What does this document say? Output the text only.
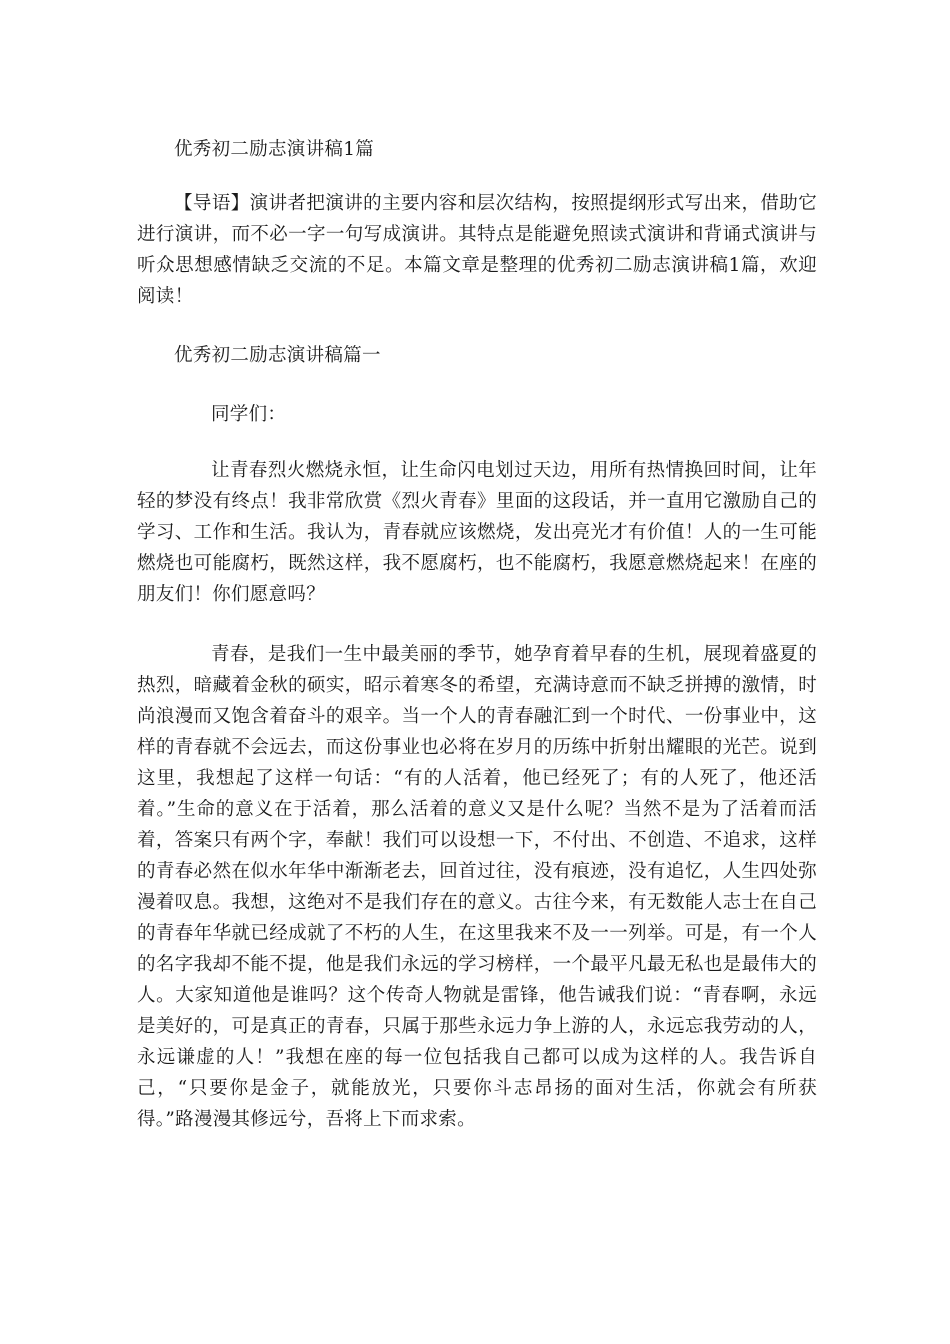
优秀初二励志演讲稿1篇

【导语】演讲者把演讲的主要内容和层次结构，按照提纲形式写出来，借助它进行演讲，而不必一字一句写成演讲。其特点是能避免照读式演讲和背诵式演讲与听众思想感情缺乏交流的不足。本篇文章是整理的优秀初二励志演讲稿1篇，欢迎阅读！

优秀初二励志演讲稿篇一

同学们：

让青春烈火燃烧永恒，让生命闪电划过天边，用所有热情换回时间，让年轻的梦没有终点！我非常欣赏《烈火青春》里面的这段话，并一直用它激励自己的学习、工作和生活。我认为，青春就应该燃烧，发出亮光才有价值！人的一生可能燃烧也可能腐朽，既然这样，我不愿腐朽，也不能腐朽，我愿意燃烧起来！在座的朋友们！你们愿意吗？

青春，是我们一生中最美丽的季节，她孕育着早春的生机，展现着盛夏的热烈，暗藏着金秋的硕实，昭示着寒冬的希望，充满诗意而不缺乏拼搏的激情，时尚浪漫而又饱含着奋斗的艰辛。当一个人的青春融汇到一个时代、一份事业中，这样的青春就不会远去，而这份事业也必将在岁月的历练中折射出耀眼的光芒。说到这里，我想起了这样一句话：“有的人活着，他已经死了；有的人死了，他还活着。”生命的意义在于活着，那么活着的意义又是什么呢？当然不是为了活着而活着，答案只有两个字，奉献！我们可以设想一下，不付出、不创造、不追求，这样的青春必然在似水年华中渐渐老去，回首过往，没有痕迹，没有追忆，人生四处弥漫着叹息。我想，这绝对不是我们存在的意义。古往今来，有无数能人志士在自己的青春年华就已经成就了不朽的人生，在这里我来不及一一列举。可是，有一个人的名字我却不能不提，他是我们永远的学习榜样，一个最平凡最无私也是最伟大的人。大家知道他是谁吗？这个传奇人物就是雷锋，他告诫我们说：“青春啊，永远是美好的，可是真正的青春，只属于那些永远力争上游的人，永远忘我劳动的人，永远谦虚的人！”我想在座的每一位包括我自己都可以成为这样的人。我告诉自己，“只要你是金子，就能放光，只要你斗志昂扬的面对生活，你就会有所获得。”路漫漫其修远兮，吾将上下而求索。
